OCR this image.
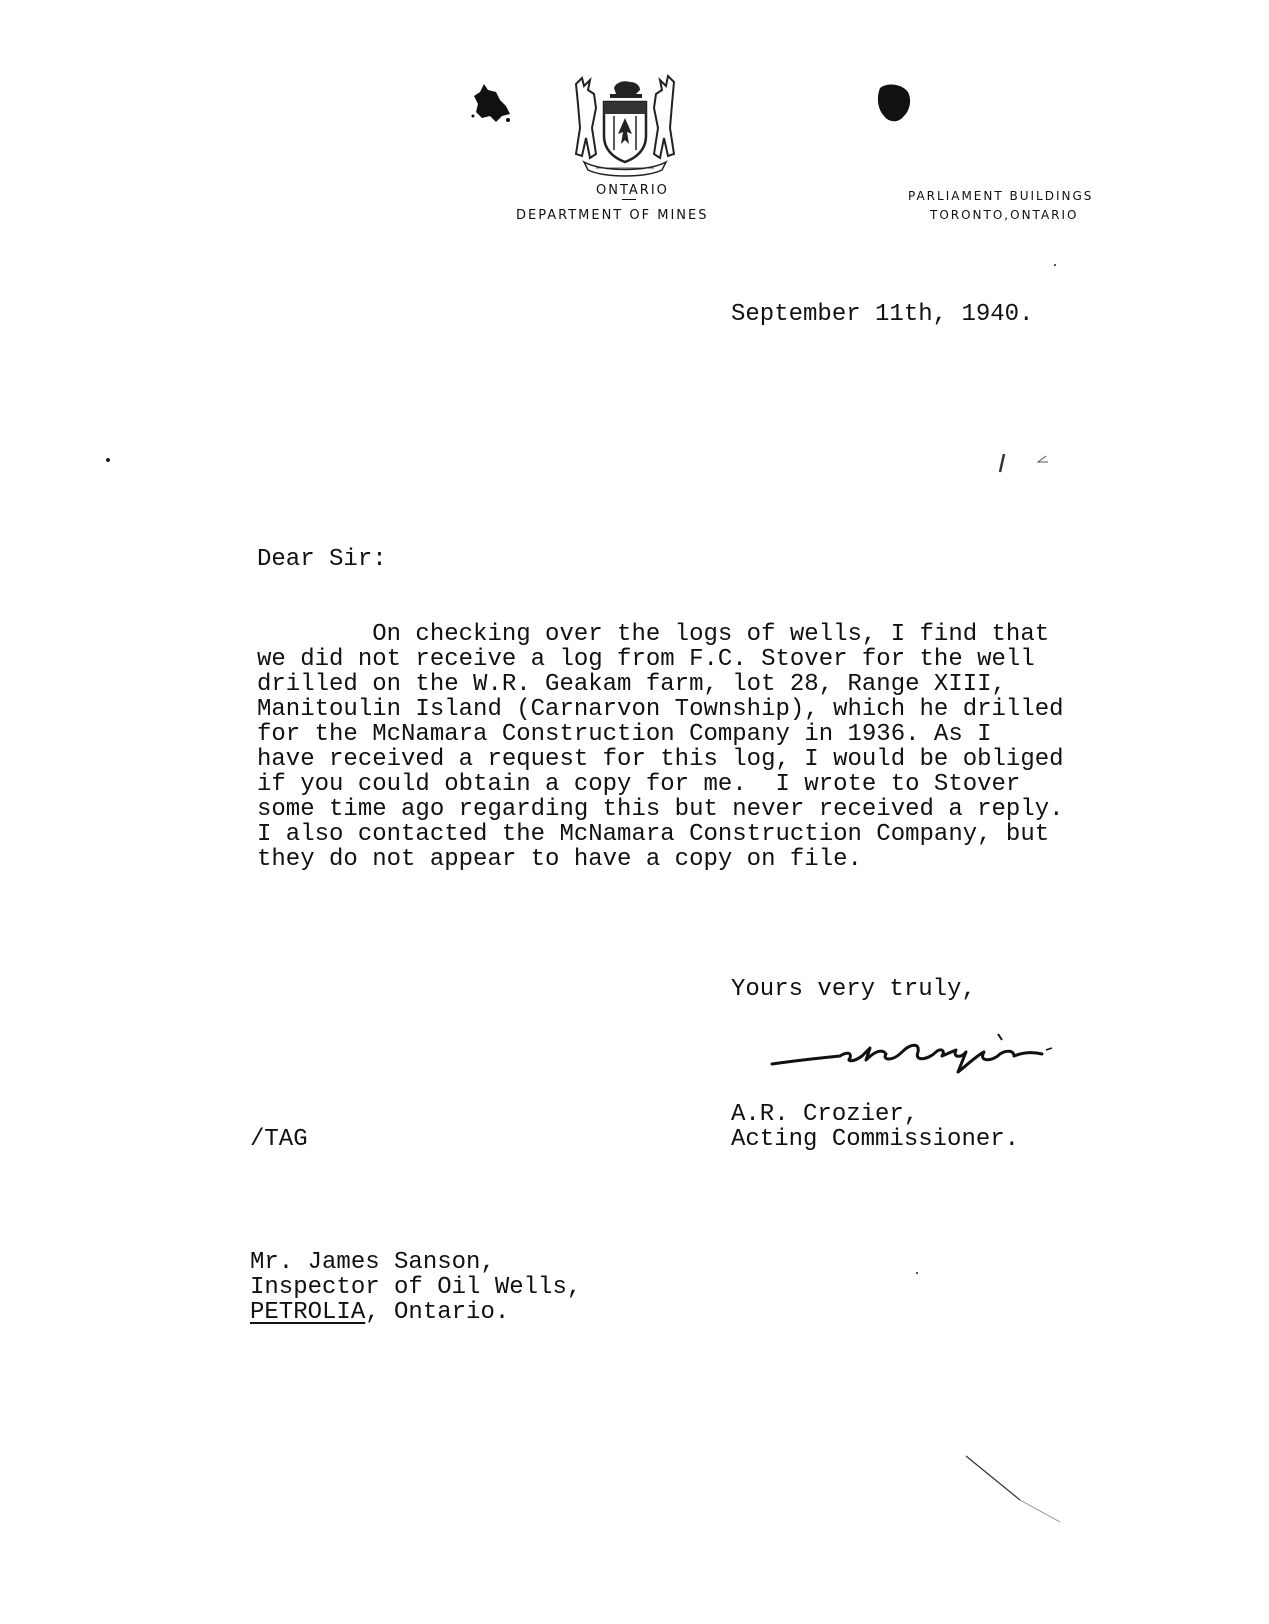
ONTARIO
DEPARTMENT OF MINES
PARLIAMENT BUILDINGS
TORONTO,ONTARIO
September 11th, 1940.
Dear Sir:
On checking over the logs of wells, I find that
we did not receive a log from F.C. Stover for the well
drilled on the W.R. Geakam farm, lot 28, Range XIII,
Manitoulin Island (Carnarvon Township), which he drilled
for the McNamara Construction Company in 1936. As I
have received a request for this log, I would be obliged
if you could obtain a copy for me.  I wrote to Stover
some time ago regarding this but never received a reply.
I also contacted the McNamara Construction Company, but
they do not appear to have a copy on file.
Yours very truly,
A.R. Crozier,
Acting Commissioner.
/TAG
Mr. James Sanson,
Inspector of Oil Wells,
PETROLIA, Ontario.
